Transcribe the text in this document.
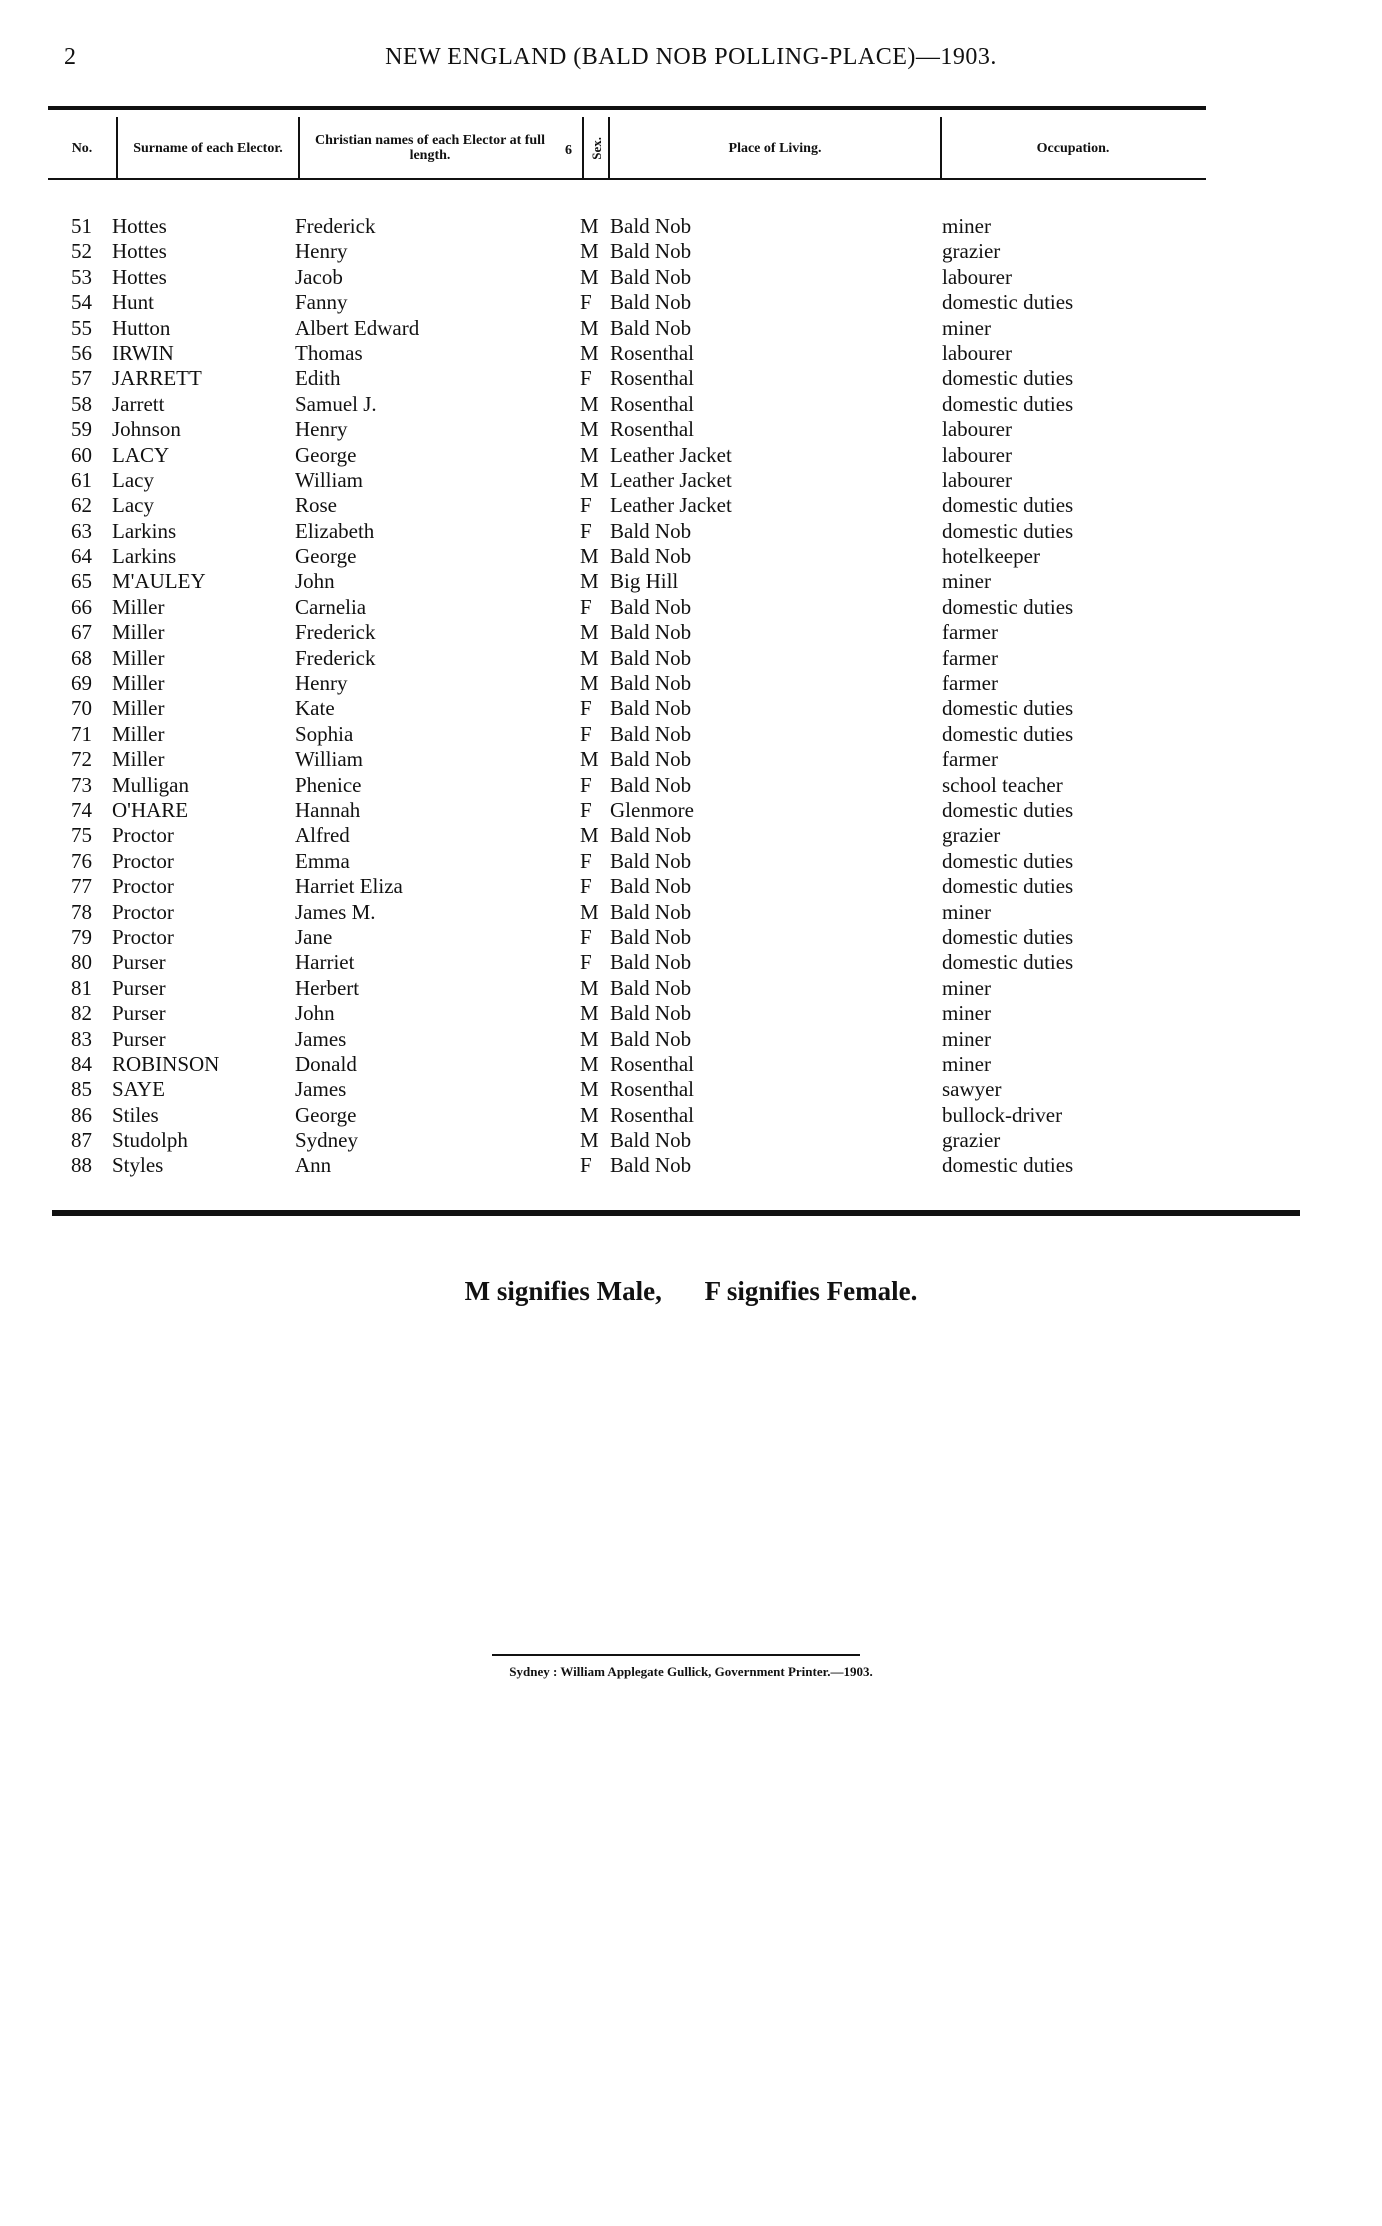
2	NEW ENGLAND (BALD NOB POLLING-PLACE)—1903.
No.	Surname of each Elector.	Christian names of each Elector at full length.	6 Sex.	Place of Living.	Occupation.
51 Hottes	Frederick	M Bald Nob	miner
52 Hottes	Henry	M Bald Nob	grazier
53 Hottes	Jacob	M Bald Nob	labourer
54 Hunt	Fanny	F Bald Nob	domestic duties
55 Hutton	Albert Edward	M Bald Nob	miner
56 IRWIN	Thomas	M Rosenthal	labourer
57 JARRETT	Edith	F Rosenthal	domestic duties
58 Jarrett	Samuel J.	M Rosenthal	domestic duties
59 Johnson	Henry	M Rosenthal	labourer
60 LACY	George	M Leather Jacket	labourer
61 Lacy	William	M Leather Jacket	labourer
62 Lacy	Rose	F Leather Jacket	domestic duties
63 Larkins	Elizabeth	F Bald Nob	domestic duties
64 Larkins	George	M Bald Nob	hotelkeeper
65 M'AULEY	John	M Big Hill	miner
66 Miller	Carnelia	F Bald Nob	domestic duties
67 Miller	Frederick	M Bald Nob	farmer
68 Miller	Frederick	M Bald Nob	farmer
69 Miller	Henry	M Bald Nob	farmer
70 Miller	Kate	F Bald Nob	domestic duties
71 Miller	Sophia	F Bald Nob	domestic duties
72 Miller	William	M Bald Nob	farmer
73 Mulligan	Phenice	F Bald Nob	school teacher
74 O'HARE	Hannah	F Glenmore	domestic duties
75 Proctor	Alfred	M Bald Nob	grazier
76 Proctor	Emma	F Bald Nob	domestic duties
77 Proctor	Harriet Eliza	F Bald Nob	domestic duties
78 Proctor	James M.	M Bald Nob	miner
79 Proctor	Jane	F Bald Nob	domestic duties
80 Purser	Harriet	F Bald Nob	domestic duties
81 Purser	Herbert	M Bald Nob	miner
82 Purser	John	M Bald Nob	miner
83 Purser	James	M Bald Nob	miner
84 ROBINSON	Donald	M Rosenthal	miner
85 SAYE	James	M Rosenthal	sawyer
86 Stiles	George	M Rosenthal	bullock-driver
87 Studolph	Sydney	M Bald Nob	grazier
88 Styles	Ann	F Bald Nob	domestic duties
M signifies Male, F signifies Female.
Sydney : William Applegate Gullick, Government Printer.—1903.
